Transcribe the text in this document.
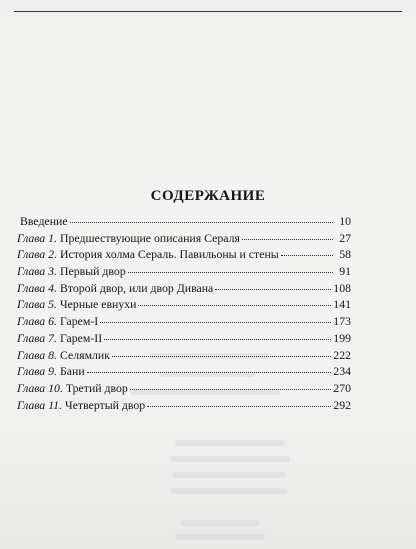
СОДЕРЖАНИЕ
Введение	10
Глава 1. Предшествующие описания Сераля	27
Глава 2. История холма Сераль. Павильоны и стены	58
Глава 3. Первый двор	91
Глава 4. Второй двор, или двор Дивана	108
Глава 5. Черные евнухи	141
Глава 6. Гарем-I	173
Глава 7. Гарем-II	199
Глава 8. Селямлик	222
Глава 9. Бани	234
Глава 10. Третий двор	270
Глава 11. Четвертый двор	292
